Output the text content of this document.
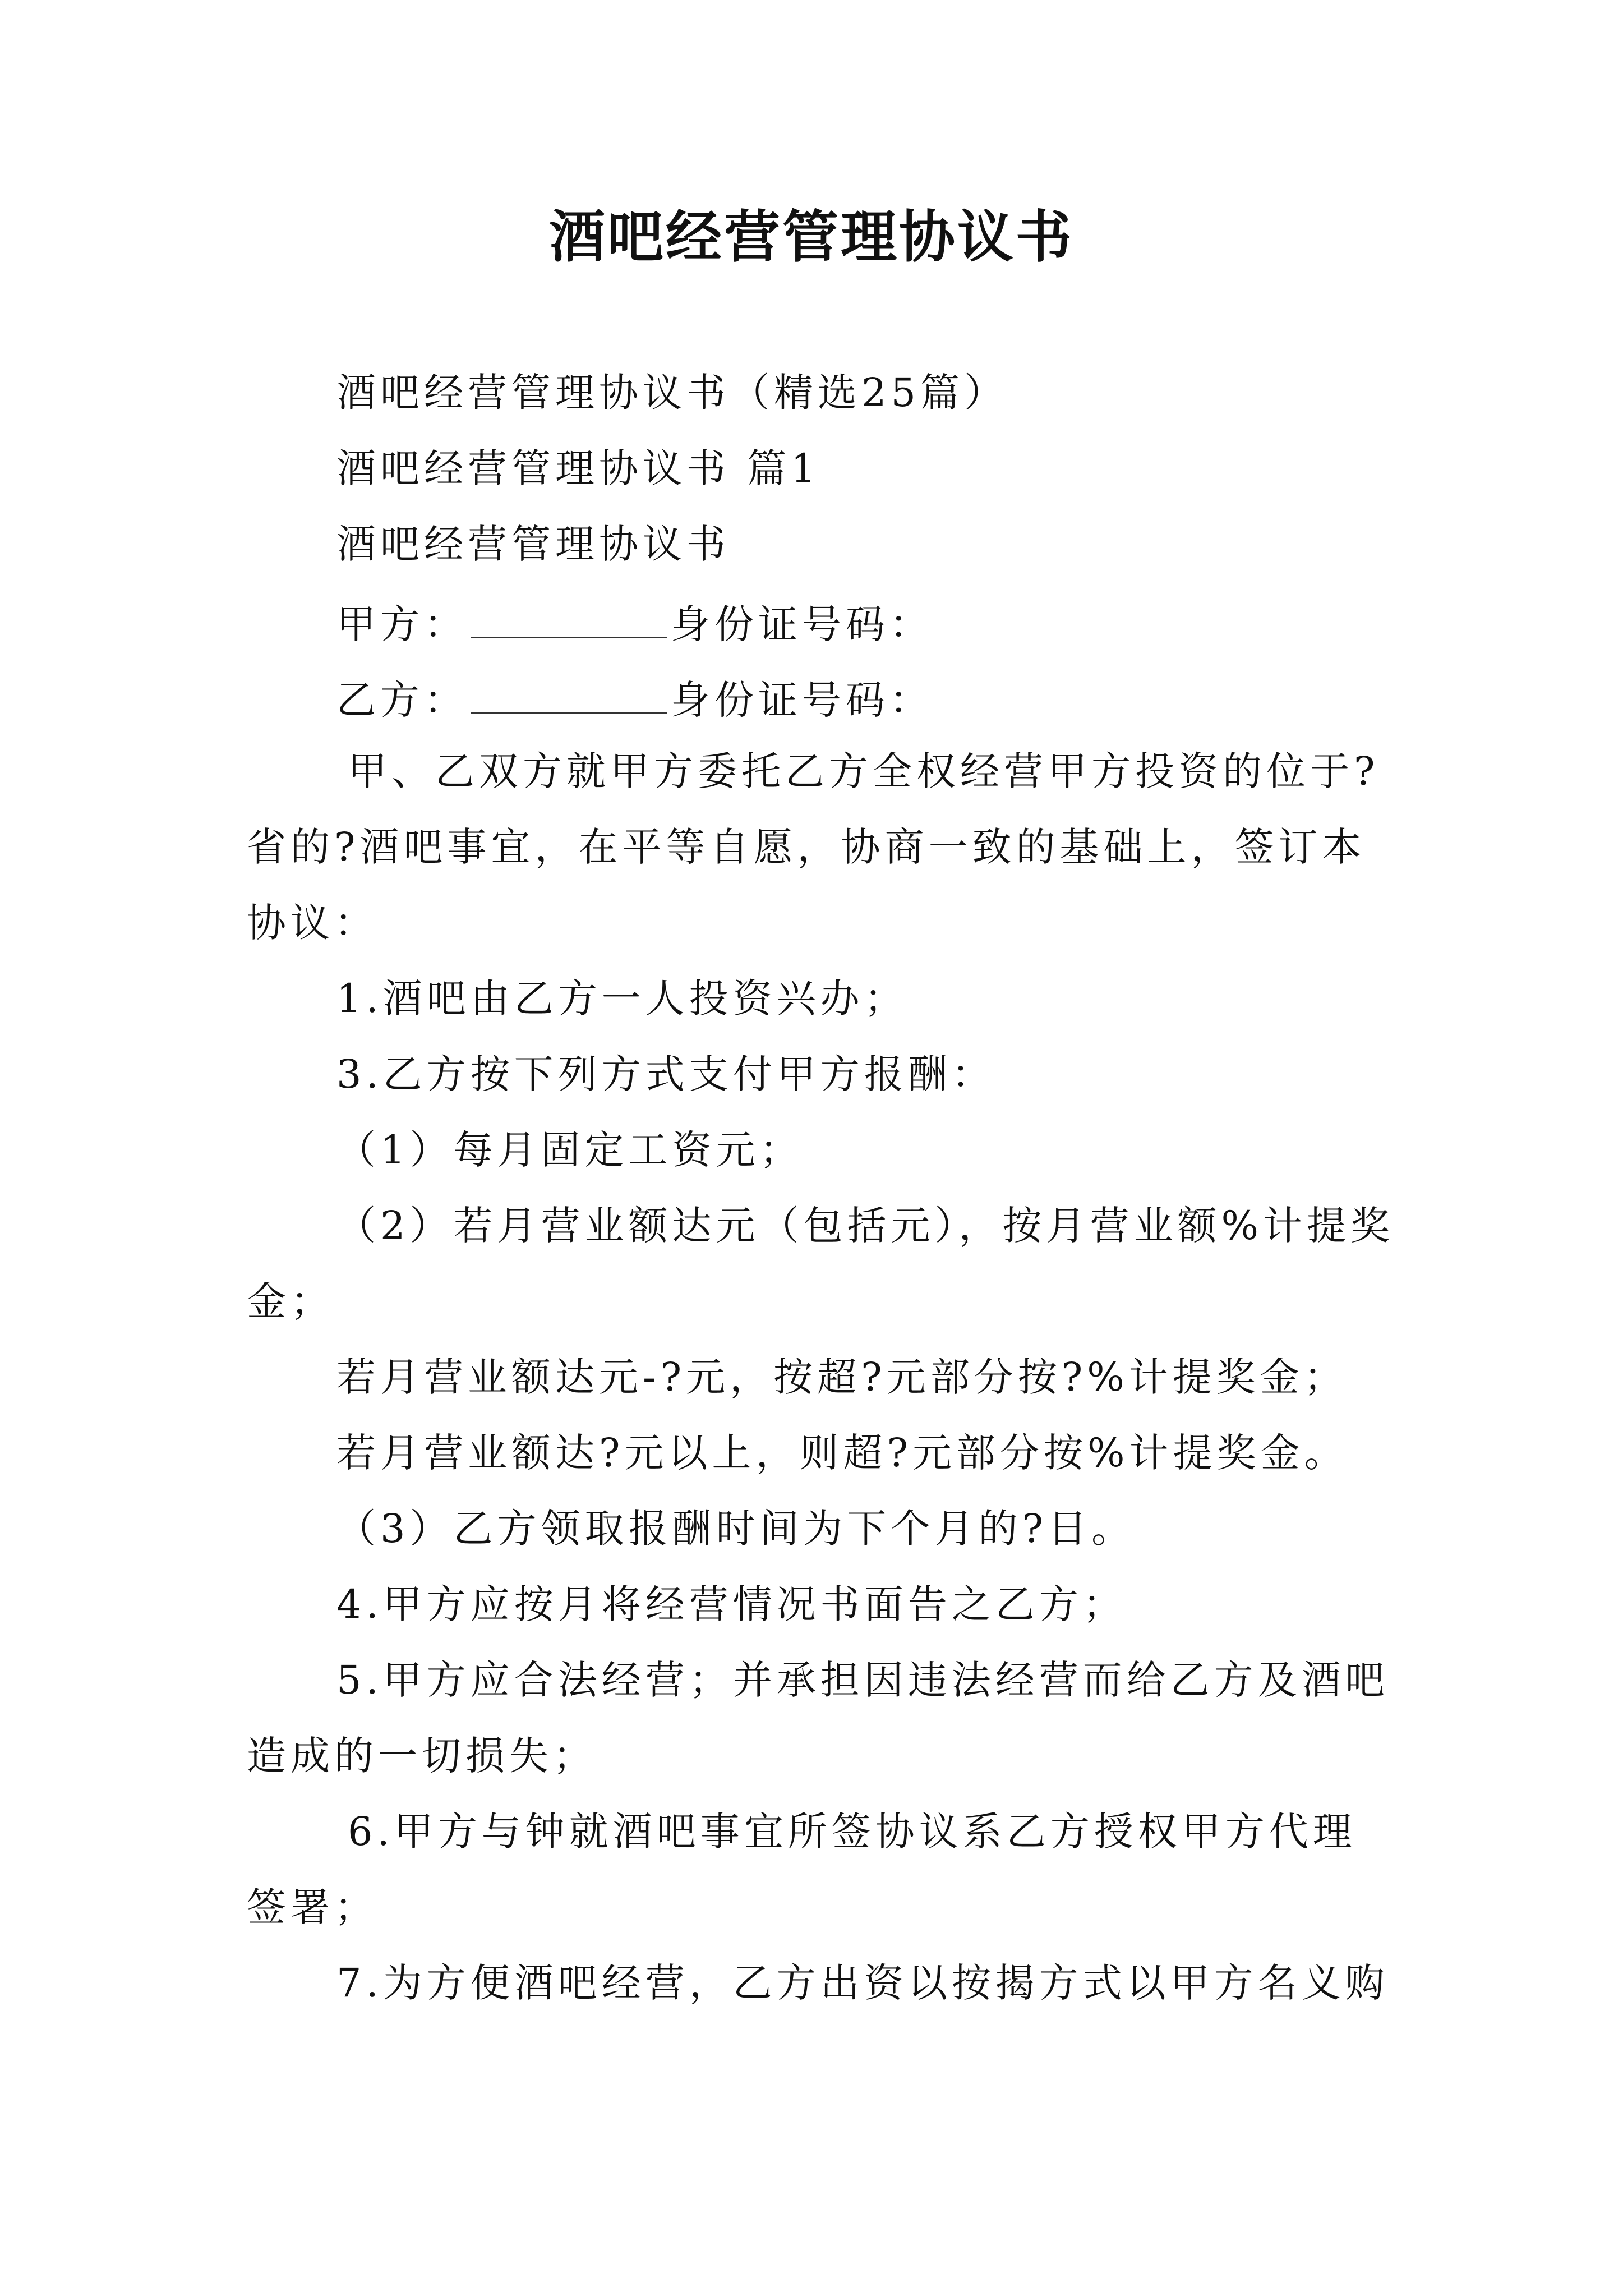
酒吧经营管理协议书
酒吧经营管理协议书（精选25篇）
酒吧经营管理协议书 篇1
酒吧经营管理协议书
甲方：	身份证号码：
乙方：	身份证号码：
甲、乙双方就甲方委托乙方全权经营甲方投资的位于?
省的?酒吧事宜，在平等自愿，协商一致的基础上，签订本
协议：
1.酒吧由乙方一人投资兴办；
3.乙方按下列方式支付甲方报酬：
（1）每月固定工资元；
（2）若月营业额达元（包括元），按月营业额%计提奖
金；
若月营业额达元-?元，按超?元部分按?%计提奖金；
若月营业额达?元以上，则超?元部分按%计提奖金。
（3）乙方领取报酬时间为下个月的?日。
4.甲方应按月将经营情况书面告之乙方；
5.甲方应合法经营；并承担因违法经营而给乙方及酒吧
造成的一切损失；
6.甲方与钟就酒吧事宜所签协议系乙方授权甲方代理
签署；
7.为方便酒吧经营，乙方出资以按揭方式以甲方名义购
